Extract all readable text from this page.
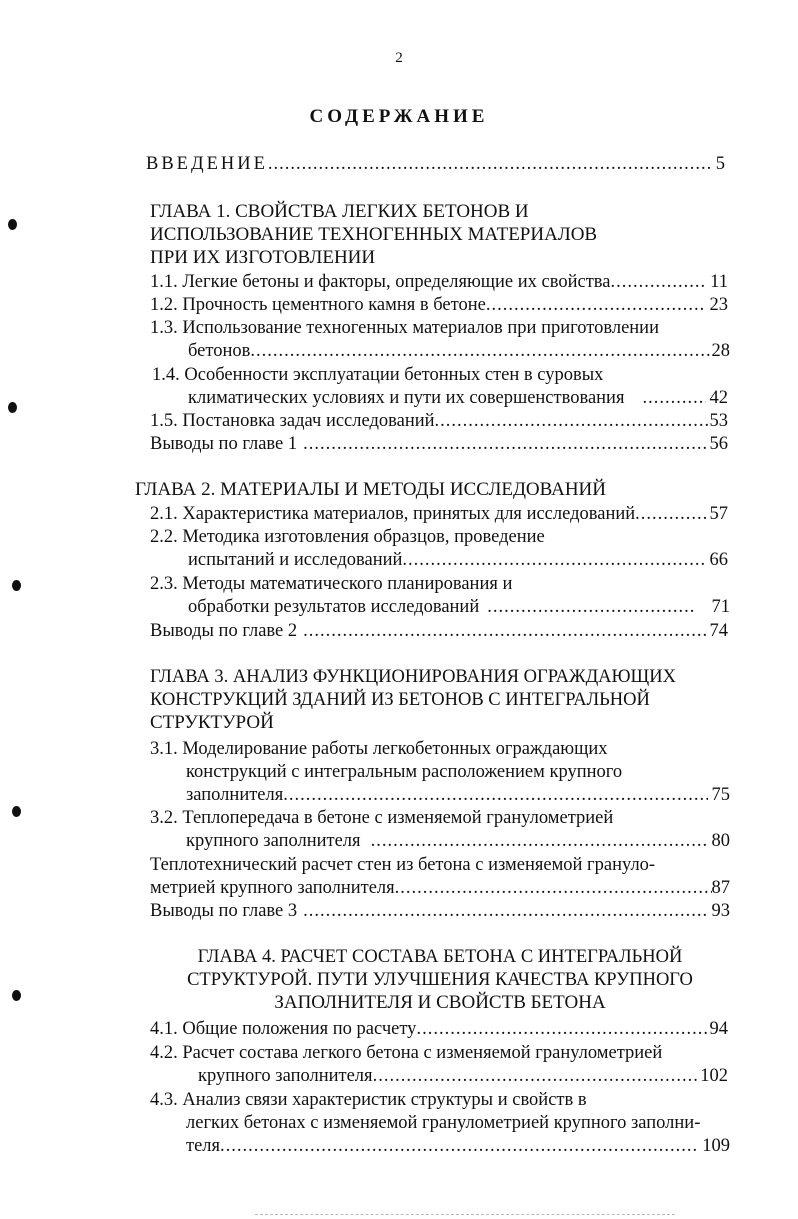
2
СОДЕРЖАНИЕ
ВВЕДЕНИЕ .....	5
ГЛАВА 1. СВОЙСТВА ЛЕГКИХ БЕТОНОВ И
ИСПОЛЬЗОВАНИЕ ТЕХНОГЕННЫХ МАТЕРИАЛОВ
ПРИ ИХ ИЗГОТОВЛЕНИИ
1.1. Легкие бетоны и факторы, определяющие их свойства .....	11
1.2. Прочность цементного камня в бетоне .....	23
1.3. Использование техногенных материалов при приготовлении
бетонов .....	28
1.4. Особенности эксплуатации бетонных стен в суровых
климатических условиях и пути их совершенствования .....	42
1.5. Постановка задач исследований .....	53
Выводы по главе 1 .....	56
ГЛАВА 2. МАТЕРИАЛЫ И МЕТОДЫ ИССЛЕДОВАНИЙ
2.1. Характеристика материалов, принятых для исследований .....	57
2.2. Методика изготовления образцов, проведение
испытаний и исследований .....	66
2.3. Методы математического планирования и
обработки результатов исследований .....	71
Выводы по главе 2 .....	74
ГЛАВА 3. АНАЛИЗ ФУНКЦИОНИРОВАНИЯ ОГРАЖДАЮЩИХ
КОНСТРУКЦИЙ ЗДАНИЙ ИЗ БЕТОНОВ С ИНТЕГРАЛЬНОЙ
СТРУКТУРОЙ
3.1. Моделирование работы легкобетонных ограждающих
конструкций с интегральным расположением крупного
заполнителя .....	75
3.2. Теплопередача в бетоне с изменяемой гранулометрией
крупного заполнителя .....	80
Теплотехнический расчет стен из бетона с изменяемой грануло-
метрией крупного заполнителя .....	87
Выводы по главе 3 .....	93
ГЛАВА 4. РАСЧЕТ СОСТАВА БЕТОНА С ИНТЕГРАЛЬНОЙ
СТРУКТУРОЙ. ПУТИ УЛУЧШЕНИЯ КАЧЕСТВА КРУПНОГО
ЗАПОЛНИТЕЛЯ И СВОЙСТВ БЕТОНА
4.1. Общие положения по расчету .....	94
4.2. Расчет состава легкого бетона с изменяемой гранулометрией
крупного заполнителя .....	102
4.3. Анализ связи характеристик структуры и свойств в
легких бетонах с изменяемой гранулометрией крупного заполни-
теля .....	109
